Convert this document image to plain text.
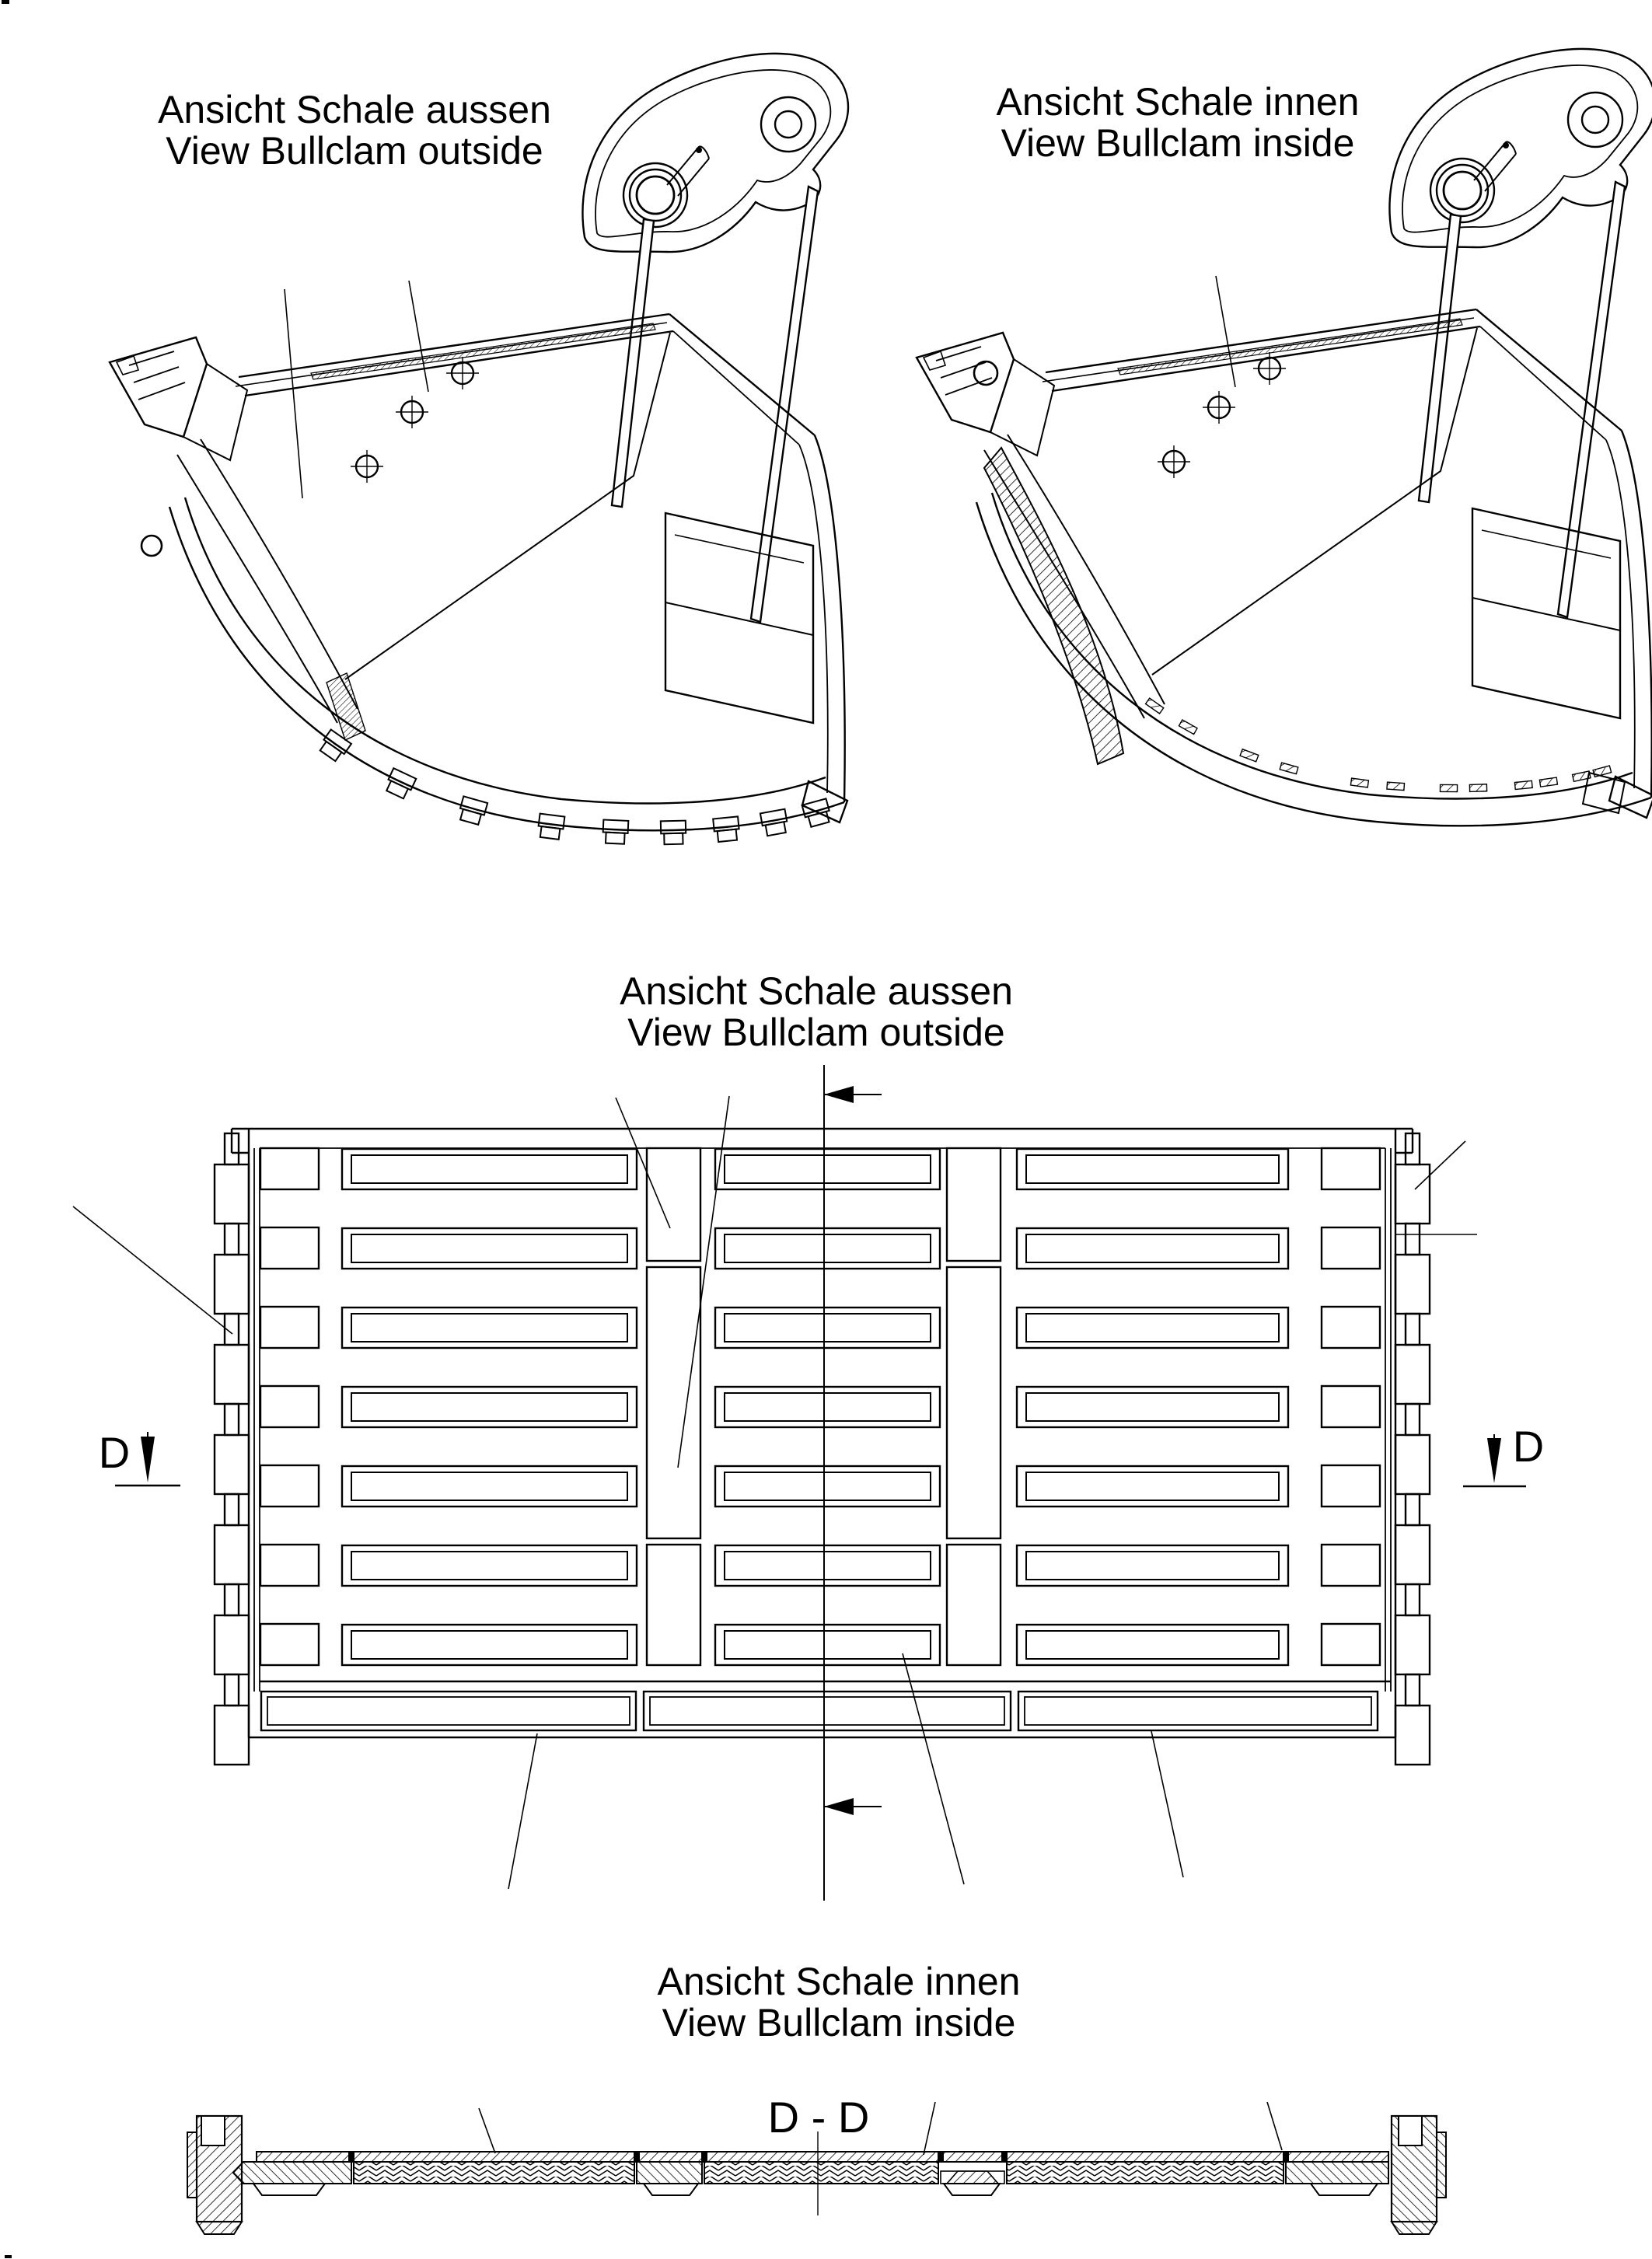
Ansicht Schale aussen
View Bullclam outside
Ansicht Schale innen
View Bullclam inside
Ansicht Schale aussen
View Bullclam outside
Ansicht Schale innen
View Bullclam inside
D - D
D	D
